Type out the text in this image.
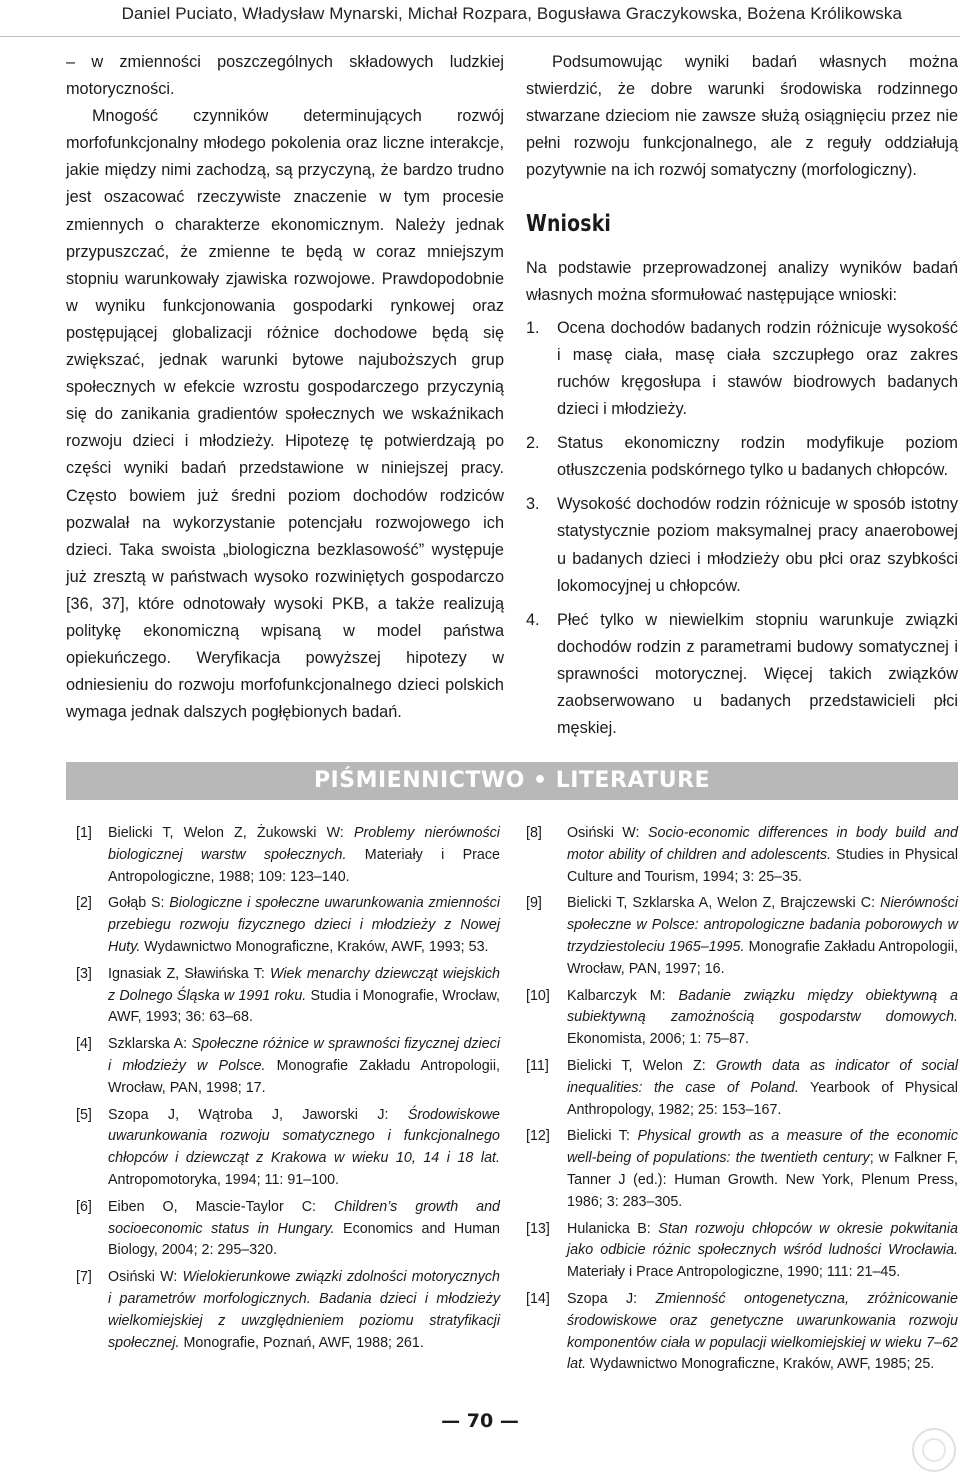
Daniel Puciato, Władysław Mynarski, Michał Rozpara, Bogusława Graczykowska, Bożena Królikowska

– w zmienności poszczególnych składowych ludzkiej motoryczności.

Mnogość czynników determinujących rozwój morfofunkcjonalny młodego pokolenia oraz liczne interakcje, jakie między nimi zachodzą, są przyczyną, że bardzo trudno jest oszacować rzeczywiste znaczenie w tym procesie zmiennych o charakterze ekonomicznym. Należy jednak przypuszczać, że zmienne te będą w coraz mniejszym stopniu warunkowały zjawiska rozwojowe. Prawdopodobnie w wyniku funkcjonowania gospodarki rynkowej oraz postępującej globalizacji różnice dochodowe będą się zwiększać, jednak warunki bytowe najuboższych grup społecznych w efekcie wzrostu gospodarczego przyczynią się do zanikania gradientów społecznych we wskaźnikach rozwoju dzieci i młodzieży. Hipotezę tę potwierdzają po części wyniki badań przedstawione w niniejszej pracy. Często bowiem już średni poziom dochodów rodziców pozwalał na wykorzystanie potencjału rozwojowego ich dzieci. Taka swoista „biologiczna bezklasowość” występuje już zresztą w państwach wysoko rozwiniętych gospodarczo [36, 37], które odnotowały wysoki PKB, a także realizują politykę ekonomiczną wpisaną w model państwa opiekuńczego. Weryfikacja powyższej hipotezy w odniesieniu do rozwoju morfofunkcjonalnego dzieci polskich wymaga jednak dalszych pogłębionych badań.

Podsumowując wyniki badań własnych można stwierdzić, że dobre warunki środowiska rodzinnego stwarzane dzieciom nie zawsze służą osiągnięciu przez nie pełni rozwoju funkcjonalnego, ale z reguły oddziałują pozytywnie na ich rozwój somatyczny (morfologiczny).

Wnioski

Na podstawie przeprowadzonej analizy wyników badań własnych można sformułować następujące wnioski:

1. Ocena dochodów badanych rodzin różnicuje wysokość i masę ciała, masę ciała szczupłego oraz zakres ruchów kręgosłupa i stawów biodrowych badanych dzieci i młodzieży.
2. Status ekonomiczny rodzin modyfikuje poziom otłuszczenia podskórnego tylko u badanych chłopców.
3. Wysokość dochodów rodzin różnicuje w sposób istotny statystycznie poziom maksymalnej pracy anaerobowej u badanych dzieci i młodzieży obu płci oraz szybkości lokomocyjnej u chłopców.
4. Płeć tylko w niewielkim stopniu warunkuje związki dochodów rodzin z parametrami budowy somatycznej i sprawności motorycznej. Więcej takich związków zaobserwowano u badanych przedstawicieli płci męskiej.
PIŚMIENNICTWO • LITERATURE
[1] Bielicki T, Welon Z, Żukowski W: Problemy nierówności biologicznej warstw społecznych. Materiały i Prace Antropologiczne, 1988; 109: 123–140.
[2] Gołąb S: Biologiczne i społeczne uwarunkowania zmienności przebiegu rozwoju fizycznego dzieci i młodzieży z Nowej Huty. Wydawnictwo Monograficzne, Kraków, AWF, 1993; 53.
[3] Ignasiak Z, Sławińska T: Wiek menarchy dziewcząt wiejskich z Dolnego Śląska w 1991 roku. Studia i Monografie, Wrocław, AWF, 1993; 36: 63–68.
[4] Szklarska A: Społeczne różnice w sprawności fizycznej dzieci i młodzieży w Polsce. Monografie Zakładu Antropologii, Wrocław, PAN, 1998; 17.
[5] Szopa J, Wątroba J, Jaworski J: Środowiskowe uwarunkowania rozwoju somatycznego i funkcjonalnego chłopców i dziewcząt z Krakowa w wieku 10, 14 i 18 lat. Antropomotoryka, 1994; 11: 91–100.
[6] Eiben O, Mascie-Taylor C: Children’s growth and socioeconomic status in Hungary. Economics and Human Biology, 2004; 2: 295–320.
[7] Osiński W: Wielokierunkowe związki zdolności motorycznych i parametrów morfologicznych. Badania dzieci i młodzieży wielkomiejskiej z uwzględnieniem poziomu stratyfikacji społecznej. Monografie, Poznań, AWF, 1988; 261.
[8] Osiński W: Socio-economic differences in body build and motor ability of children and adolescents. Studies in Physical Culture and Tourism, 1994; 3: 25–35.
[9] Bielicki T, Szklarska A, Welon Z, Brajczewski C: Nierówności społeczne w Polsce: antropologiczne badania poborowych w trzydziestoleciu 1965–1995. Monografie Zakładu Antropologii, Wrocław, PAN, 1997; 16.
[10] Kalbarczyk M: Badanie związku między obiektywną a subiektywną zamożnością gospodarstw domowych. Ekonomista, 2006; 1: 75–87.
[11] Bielicki T, Welon Z: Growth data as indicator of social inequalities: the case of Poland. Yearbook of Physical Anthropology, 1982; 25: 153–167.
[12] Bielicki T: Physical growth as a measure of the economic well-being of populations: the twentieth century; w Falkner F, Tanner J (ed.): Human Growth. New York, Plenum Press, 1986; 3: 283–305.
[13] Hulanicka B: Stan rozwoju chłopców w okresie pokwitania jako odbicie różnic społecznych wśród ludności Wrocławia. Materiały i Prace Antropologiczne, 1990; 111: 21–45.
[14] Szopa J: Zmienność ontogenetyczna, zróżnicowanie środowiskowe oraz genetyczne uwarunkowania rozwoju komponentów ciała w populacji wielkomiejskiej w wieku 7–62 lat. Wydawnictwo Monograficzne, Kraków, AWF, 1985; 25.
— 70 —
